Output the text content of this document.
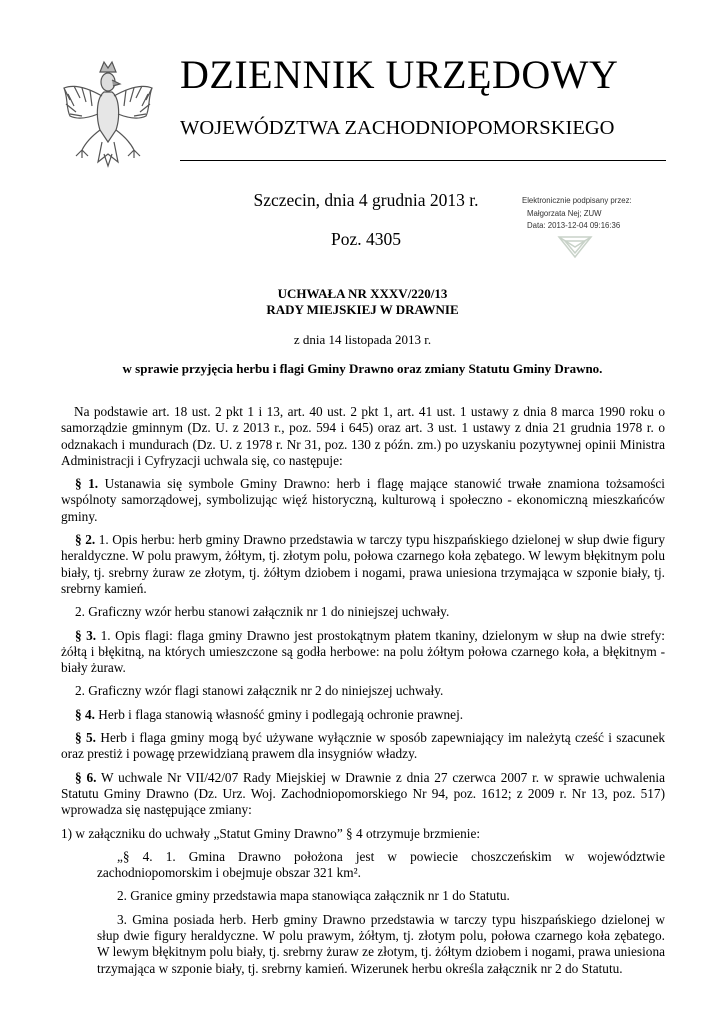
DZIENNIK URZĘDOWY
WOJEWÓDZTWA ZACHODNIOPOMORSKIEGO
Szczecin, dnia 4 grudnia 2013 r.
Poz. 4305
Elektronicznie podpisany przez:
Małgorzata Nej; ZUW
Data: 2013-12-04 09:16:36
UCHWAŁA NR XXXV/220/13
RADY MIEJSKIEJ W DRAWNIE
z dnia 14 listopada 2013 r.
w sprawie przyjęcia herbu i flagi Gminy Drawno oraz zmiany Statutu Gminy Drawno.

Na podstawie art. 18 ust. 2 pkt 1 i 13, art. 40 ust. 2 pkt 1, art. 41 ust. 1 ustawy z dnia 8 marca 1990 roku o samorządzie gminnym (Dz. U. z 2013 r., poz. 594 i 645) oraz art. 3 ust. 1 ustawy z dnia 21 grudnia 1978 r. o odznakach i mundurach (Dz. U. z 1978 r. Nr 31, poz. 130 z późn. zm.) po uzyskaniu pozytywnej opinii Ministra Administracji i Cyfryzacji uchwala się, co następuje:

§ 1. Ustanawia się symbole Gminy Drawno: herb i flagę mające stanowić trwałe znamiona tożsamości wspólnoty samorządowej, symbolizując więź historyczną, kulturową i społeczno - ekonomiczną mieszkańców gminy.

§ 2. 1. Opis herbu: herb gminy Drawno przedstawia w tarczy typu hiszpańskiego dzielonej w słup dwie figury heraldyczne. W polu prawym, żółtym, tj. złotym polu, połowa czarnego koła zębatego. W lewym błękitnym polu biały, tj. srebrny żuraw ze złotym, tj. żółtym dziobem i nogami, prawa uniesiona trzymająca w szponie biały, tj. srebrny kamień.

2. Graficzny wzór herbu stanowi załącznik nr 1 do niniejszej uchwały.

§ 3. 1. Opis flagi: flaga gminy Drawno jest prostokątnym płatem tkaniny, dzielonym w słup na dwie strefy: żółtą i błękitną, na których umieszczone są godła herbowe: na polu żółtym połowa czarnego koła, a błękitnym - biały żuraw.

2. Graficzny wzór flagi stanowi załącznik nr 2 do niniejszej uchwały.

§ 4. Herb i flaga stanowią własność gminy i podlegają ochronie prawnej.

§ 5. Herb i flaga gminy mogą być używane wyłącznie w sposób zapewniający im należytą cześć i szacunek oraz prestiż i powagę przewidzianą prawem dla insygniów władzy.

§ 6. W uchwale Nr VII/42/07 Rady Miejskiej w Drawnie z dnia 27 czerwca 2007 r. w sprawie uchwalenia Statutu Gminy Drawno (Dz. Urz. Woj. Zachodniopomorskiego Nr 94, poz. 1612; z 2009 r. Nr 13, poz. 517) wprowadza się następujące zmiany:

1) w załączniku do uchwały „Statut Gminy Drawno” § 4 otrzymuje brzmienie:

„§ 4. 1. Gmina Drawno położona jest w powiecie choszczeńskim w województwie zachodniopomorskim i obejmuje obszar 321 km².

2. Granice gminy przedstawia mapa stanowiąca załącznik nr 1 do Statutu.

3. Gmina posiada herb. Herb gminy Drawno przedstawia w tarczy typu hiszpańskiego dzielonej w słup dwie figury heraldyczne. W polu prawym, żółtym, tj. złotym polu, połowa czarnego koła zębatego. W lewym błękitnym polu biały, tj. srebrny żuraw ze złotym, tj. żółtym dziobem i nogami, prawa uniesiona trzymająca w szponie biały, tj. srebrny kamień. Wizerunek herbu określa załącznik nr 2 do Statutu.
